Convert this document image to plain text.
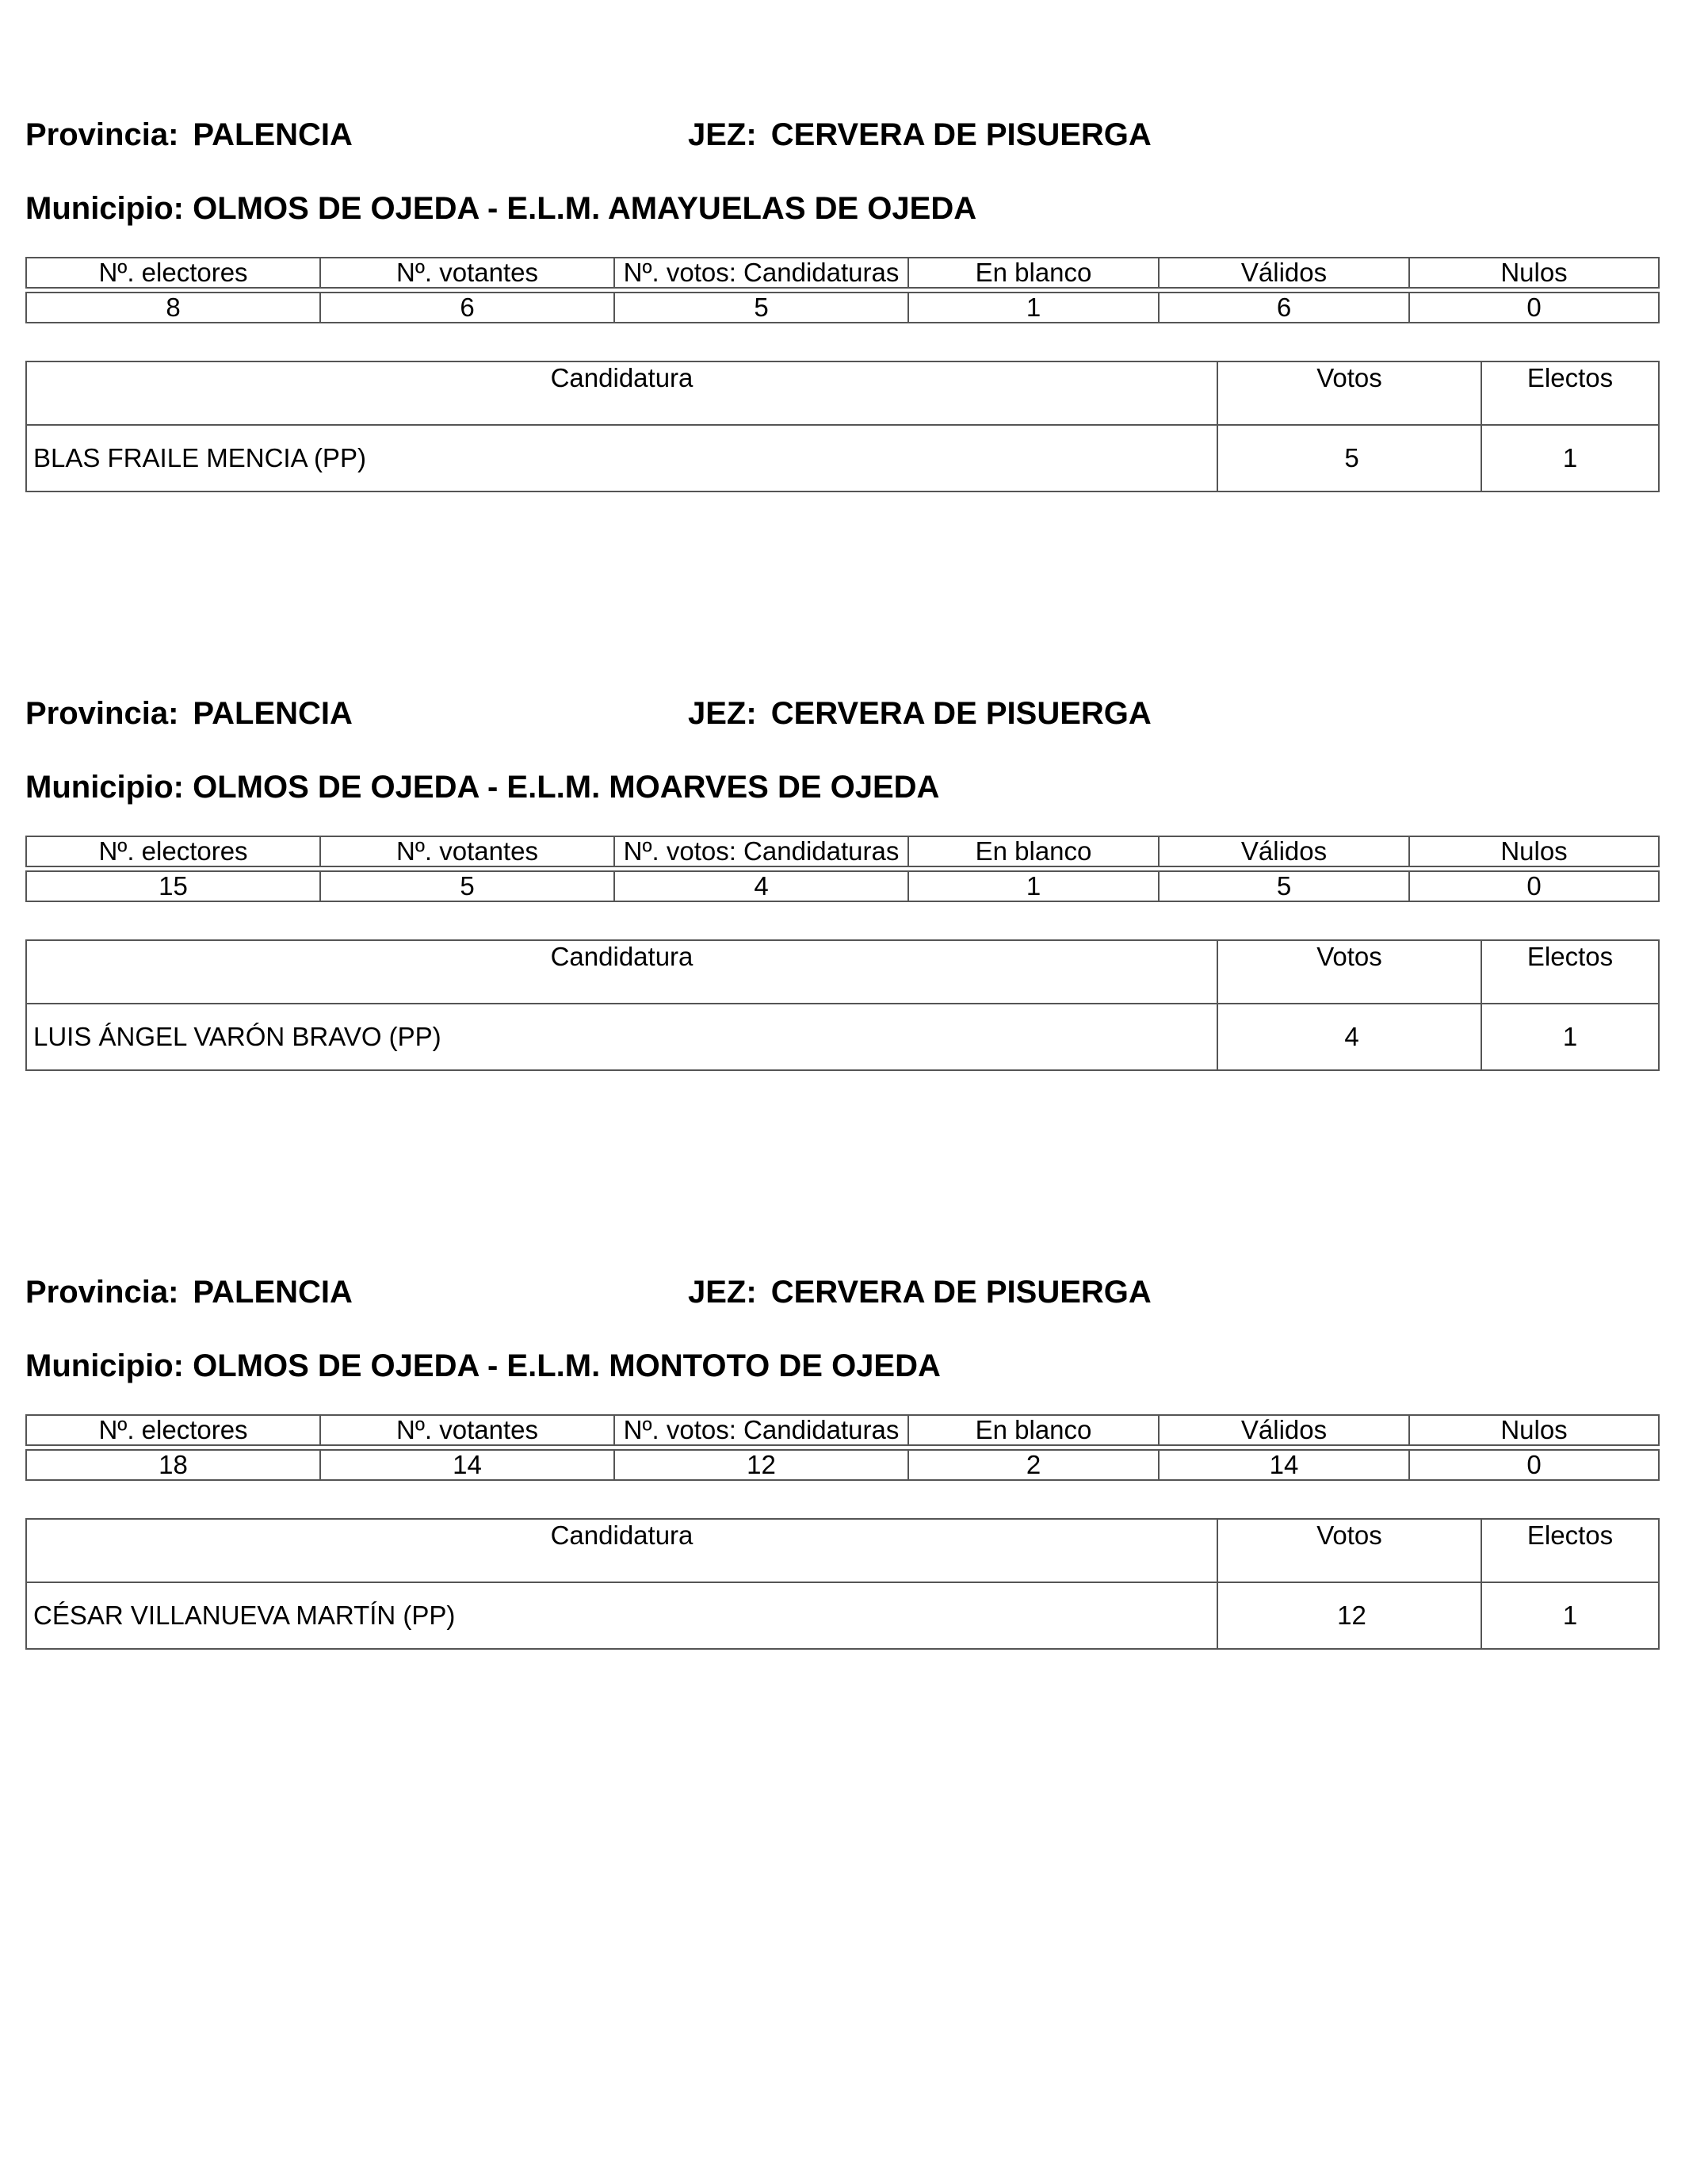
Provincia: PALENCIA	JEZ: CERVERA DE PISUERGA
Municipio: OLMOS DE OJEDA - E.L.M. AMAYUELAS DE OJEDA
Nº. electores	Nº. votantes	Nº. votos: Candidaturas	En blanco	Válidos	Nulos

8	6	5	1	6	0
Candidatura	Votos	Electos
BLAS FRAILE MENCIA (PP)	5	1
Provincia: PALENCIA	JEZ: CERVERA DE PISUERGA
Municipio: OLMOS DE OJEDA - E.L.M. MOARVES DE OJEDA
Nº. electores	Nº. votantes	Nº. votos: Candidaturas	En blanco	Válidos	Nulos

15	5	4	1	5	0
Candidatura	Votos	Electos
LUIS ÁNGEL VARÓN BRAVO (PP)	4	1
Provincia: PALENCIA	JEZ: CERVERA DE PISUERGA
Municipio: OLMOS DE OJEDA - E.L.M. MONTOTO DE OJEDA
Nº. electores	Nº. votantes	Nº. votos: Candidaturas	En blanco	Válidos	Nulos

18	14	12	2	14	0
Candidatura	Votos	Electos
CÉSAR VILLANUEVA MARTÍN (PP)	12	1
